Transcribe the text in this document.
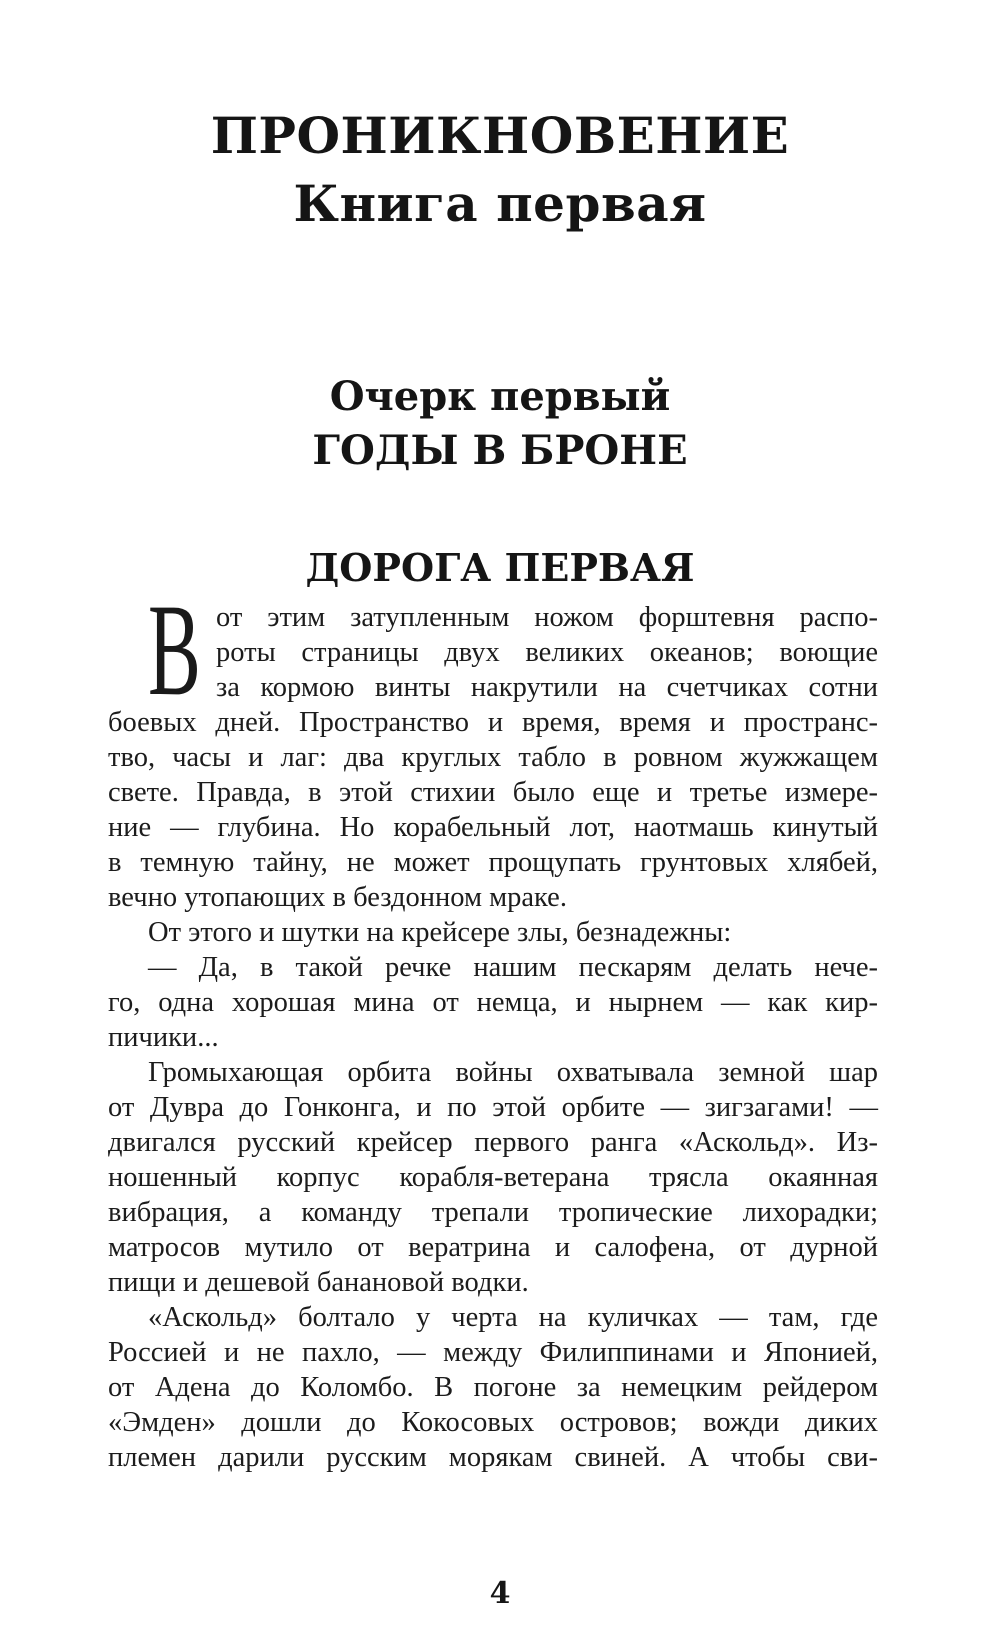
ПРОНИКНОВЕНИЕ
Книга первая
Очерк первый
ГОДЫ В БРОНЕ
ДОРОГА ПЕРВАЯ
В от этим затупленным ножом форштевня распо-
роты страницы двух великих океанов; воющие
за кормою винты накрутили на счетчиках сотни
боевых дней. Пространство и время, время и пространс-
тво, часы и лаг: два круглых табло в ровном жужжащем
свете. Правда, в этой стихии было еще и третье измере-
ние — глубина. Но корабельный лот, наотмашь кинутый
в темную тайну, не может прощупать грунтовых хлябей,
вечно утопающих в бездонном мраке.
От этого и шутки на крейсере злы, безнадежны:
— Да, в такой речке нашим пескарям делать нече-
го, одна хорошая мина от немца, и нырнем — как кир-
пичики...
Громыхающая орбита войны охватывала земной шар
от Дувра до Гонконга, и по этой орбите — зигзагами! —
двигался русский крейсер первого ранга «Аскольд». Из-
ношенный корпус корабля-ветерана трясла окаянная
вибрация, а команду трепали тропические лихорадки;
матросов мутило от вератрина и салофена, от дурной
пищи и дешевой банановой водки.
«Аскольд» болтало у черта на куличках — там, где
Россией и не пахло, — между Филиппинами и Японией,
от Адена до Коломбо. В погоне за немецким рейдером
«Эмден» дошли до Кокосовых островов; вожди диких
племен дарили русским морякам свиней. А чтобы сви-
4
